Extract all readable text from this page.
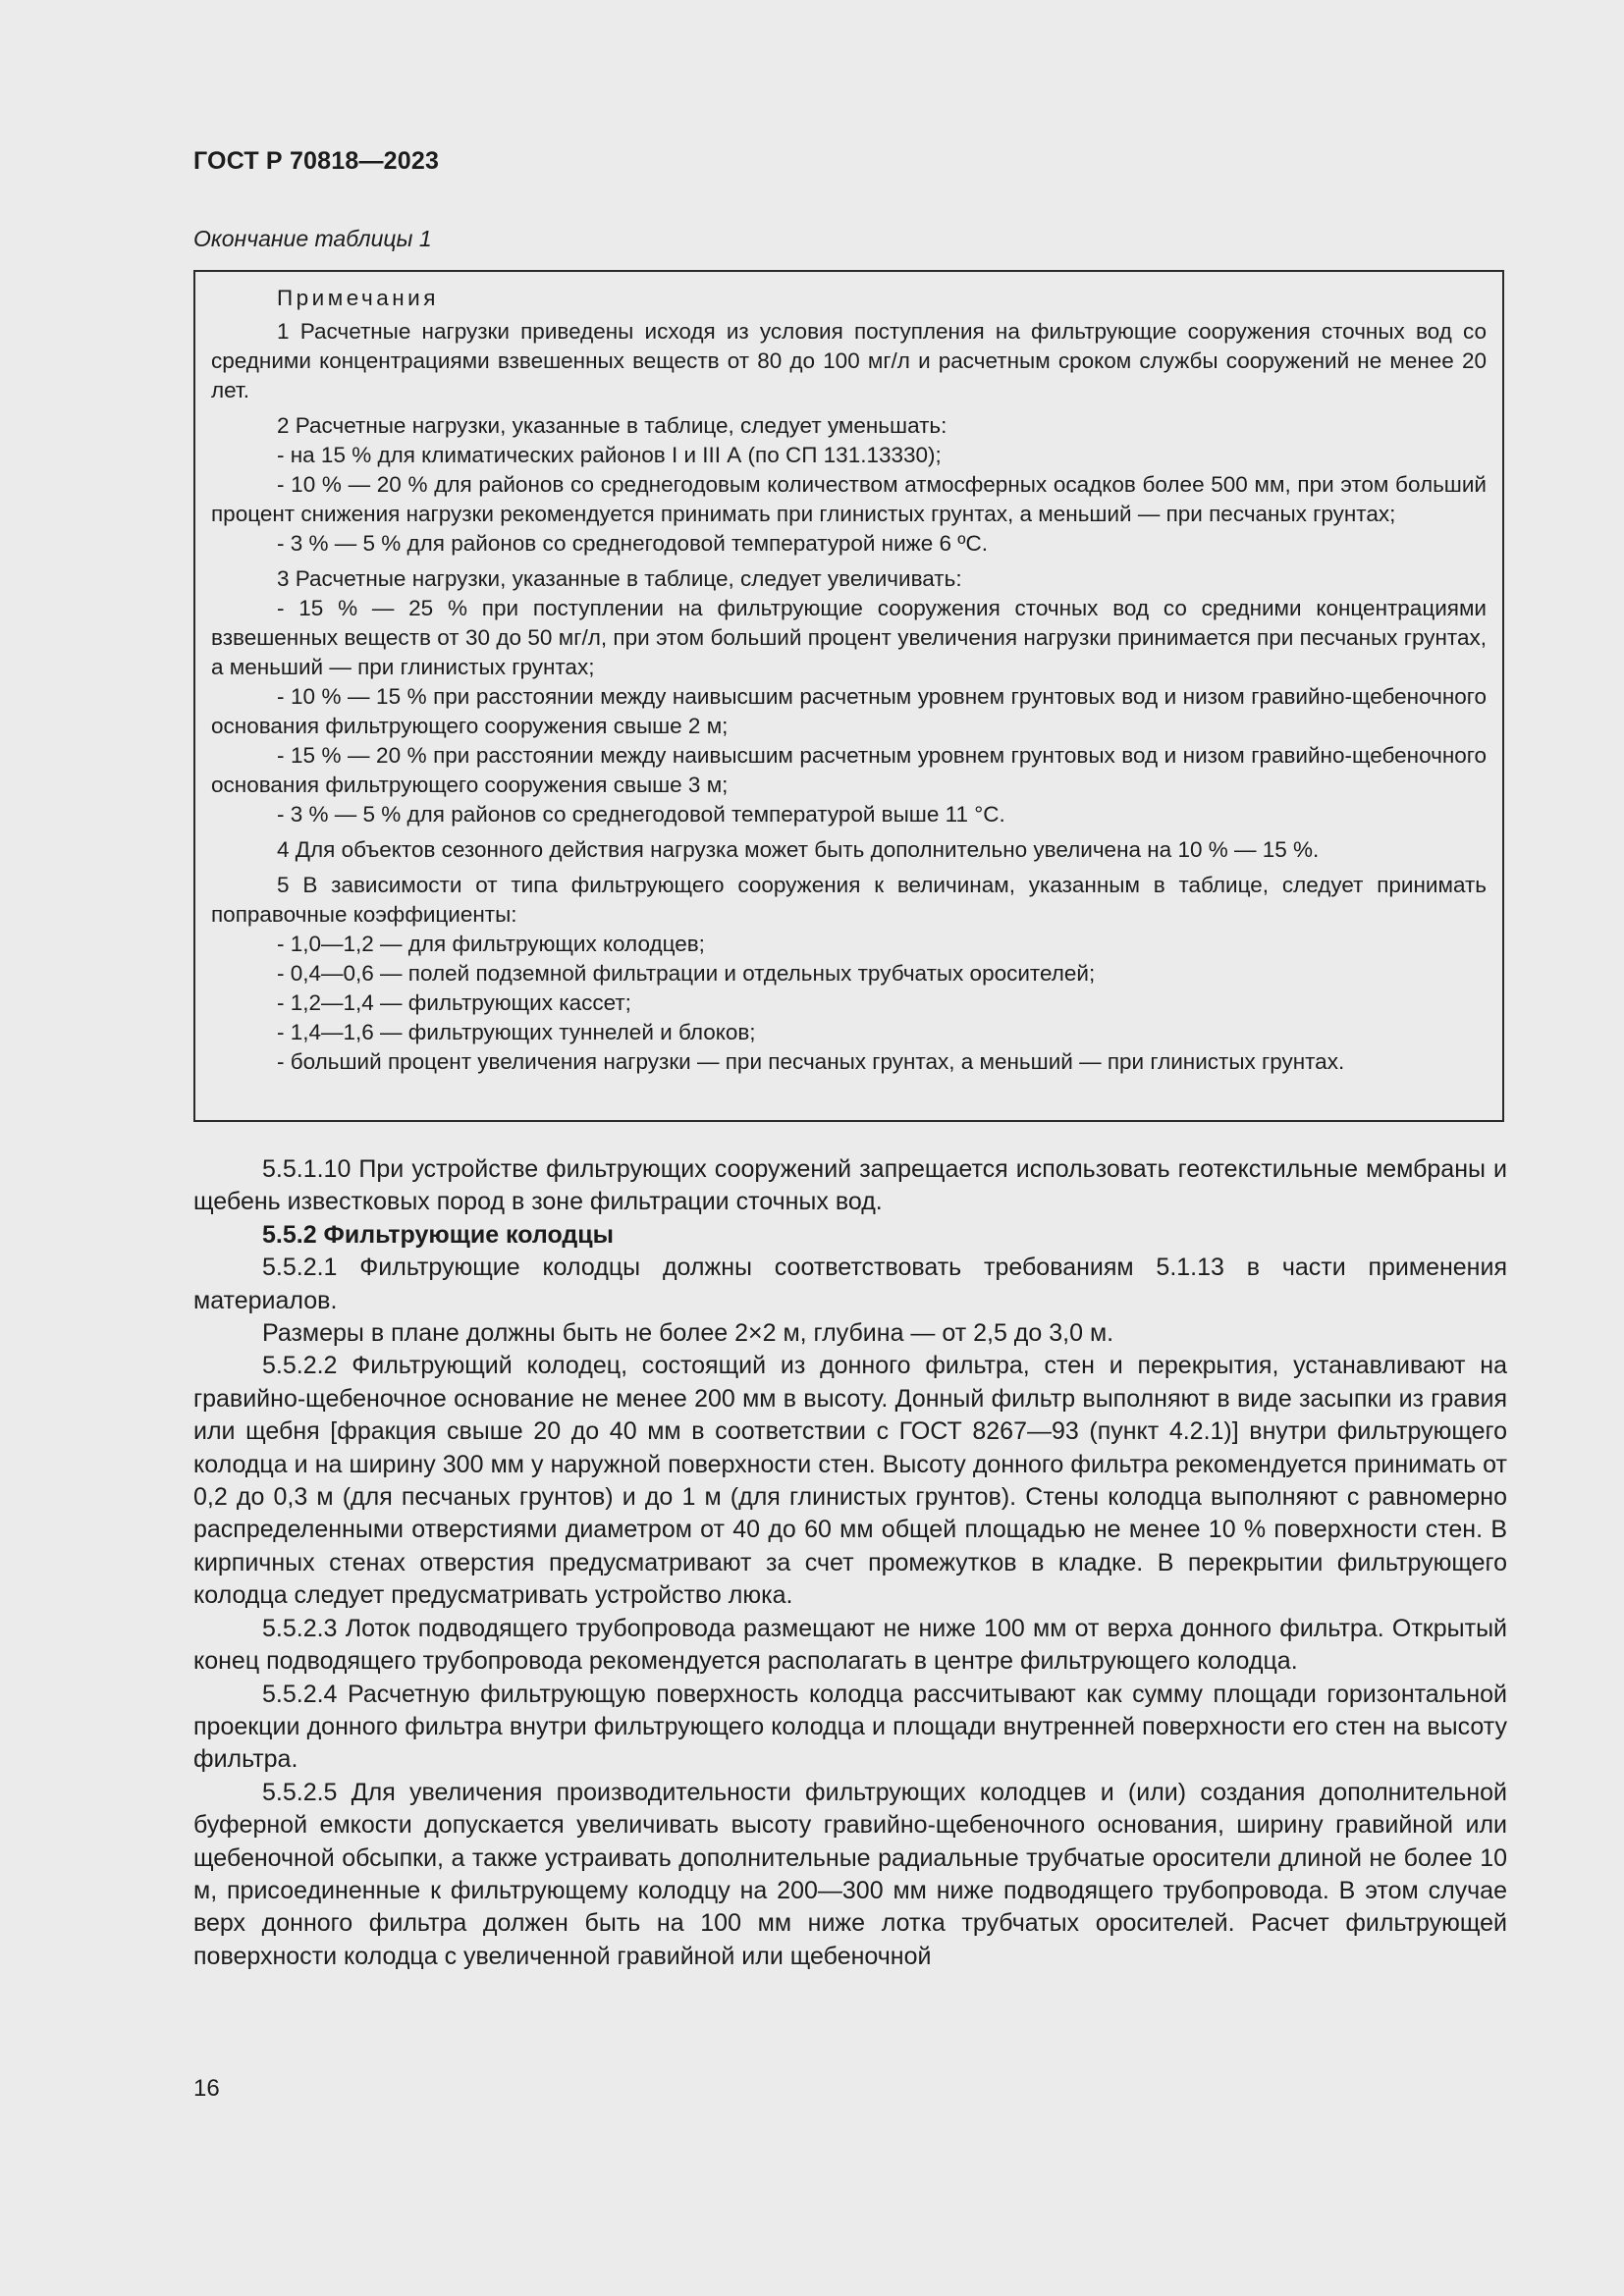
ГОСТ Р 70818—2023
Окончание таблицы 1

Примечания

1 Расчетные нагрузки приведены исходя из условия поступления на фильтрующие сооружения сточных вод со средними концентрациями взвешенных веществ от 80 до 100 мг/л и расчетным сроком службы сооружений не менее 20 лет.

2 Расчетные нагрузки, указанные в таблице, следует уменьшать:

- на 15 % для климатических районов I и III А (по СП 131.13330);

- 10 % — 20 % для районов со среднегодовым количеством атмосферных осадков более 500 мм, при этом больший процент снижения нагрузки рекомендуется принимать при глинистых грунтах, а меньший — при песчаных грунтах;

- 3 % — 5 % для районов со среднегодовой температурой ниже 6 ºС.

3 Расчетные нагрузки, указанные в таблице, следует увеличивать:

- 15 % — 25 % при поступлении на фильтрующие сооружения сточных вод со средними концентрациями взвешенных веществ от 30 до 50 мг/л, при этом больший процент увеличения нагрузки принимается при песчаных грунтах, а меньший — при глинистых грунтах;

- 10 % — 15 % при расстоянии между наивысшим расчетным уровнем грунтовых вод и низом гравийно-щебеночного основания фильтрующего сооружения свыше 2 м;

- 15 % — 20 % при расстоянии между наивысшим расчетным уровнем грунтовых вод и низом гравийно-щебеночного основания фильтрующего сооружения свыше 3 м;

- 3 % — 5 % для районов со среднегодовой температурой выше 11 °С.

4 Для объектов сезонного действия нагрузка может быть дополнительно увеличена на 10 % — 15 %.

5 В зависимости от типа фильтрующего сооружения к величинам, указанным в таблице, следует принимать поправочные коэффициенты:

- 1,0—1,2 — для фильтрующих колодцев;

- 0,4—0,6 — полей подземной фильтрации и отдельных трубчатых оросителей;

- 1,2—1,4 — фильтрующих кассет;

- 1,4—1,6 — фильтрующих туннелей и блоков;

- больший процент увеличения нагрузки — при песчаных грунтах, а меньший — при глинистых грунтах.

5.5.1.10 При устройстве фильтрующих сооружений запрещается использовать геотекстильные мембраны и щебень известковых пород в зоне фильтрации сточных вод.

5.5.2 Фильтрующие колодцы

5.5.2.1 Фильтрующие колодцы должны соответствовать требованиям 5.1.13 в части применения материалов.

Размеры в плане должны быть не более 2×2 м, глубина — от 2,5 до 3,0 м.

5.5.2.2 Фильтрующий колодец, состоящий из донного фильтра, стен и перекрытия, устанавливают на гравийно-щебеночное основание не менее 200 мм в высоту. Донный фильтр выполняют в виде засыпки из гравия или щебня [фракция свыше 20 до 40 мм в соответствии с ГОСТ 8267—93 (пункт 4.2.1)] внутри фильтрующего колодца и на ширину 300 мм у наружной поверхности стен. Высоту донного фильтра рекомендуется принимать от 0,2 до 0,3 м (для песчаных грунтов) и до 1 м (для глинистых грунтов). Стены колодца выполняют с равномерно распределенными отверстиями диаметром от 40 до 60 мм общей площадью не менее 10 % поверхности стен. В кирпичных стенах отверстия предусматривают за счет промежутков в кладке. В перекрытии фильтрующего колодца следует предусматривать устройство люка.

5.5.2.3 Лоток подводящего трубопровода размещают не ниже 100 мм от верха донного фильтра. Открытый конец подводящего трубопровода рекомендуется располагать в центре фильтрующего колодца.

5.5.2.4 Расчетную фильтрующую поверхность колодца рассчитывают как сумму площади горизонтальной проекции донного фильтра внутри фильтрующего колодца и площади внутренней поверхности его стен на высоту фильтра.

5.5.2.5 Для увеличения производительности фильтрующих колодцев и (или) создания дополнительной буферной емкости допускается увеличивать высоту гравийно-щебеночного основания, ширину гравийной или щебеночной обсыпки, а также устраивать дополнительные радиальные трубчатые оросители длиной не более 10 м, присоединенные к фильтрующему колодцу на 200—300 мм ниже подводящего трубопровода. В этом случае верх донного фильтра должен быть на 100 мм ниже лотка трубчатых оросителей. Расчет фильтрующей поверхности колодца с увеличенной гравийной или щебеночной

16
